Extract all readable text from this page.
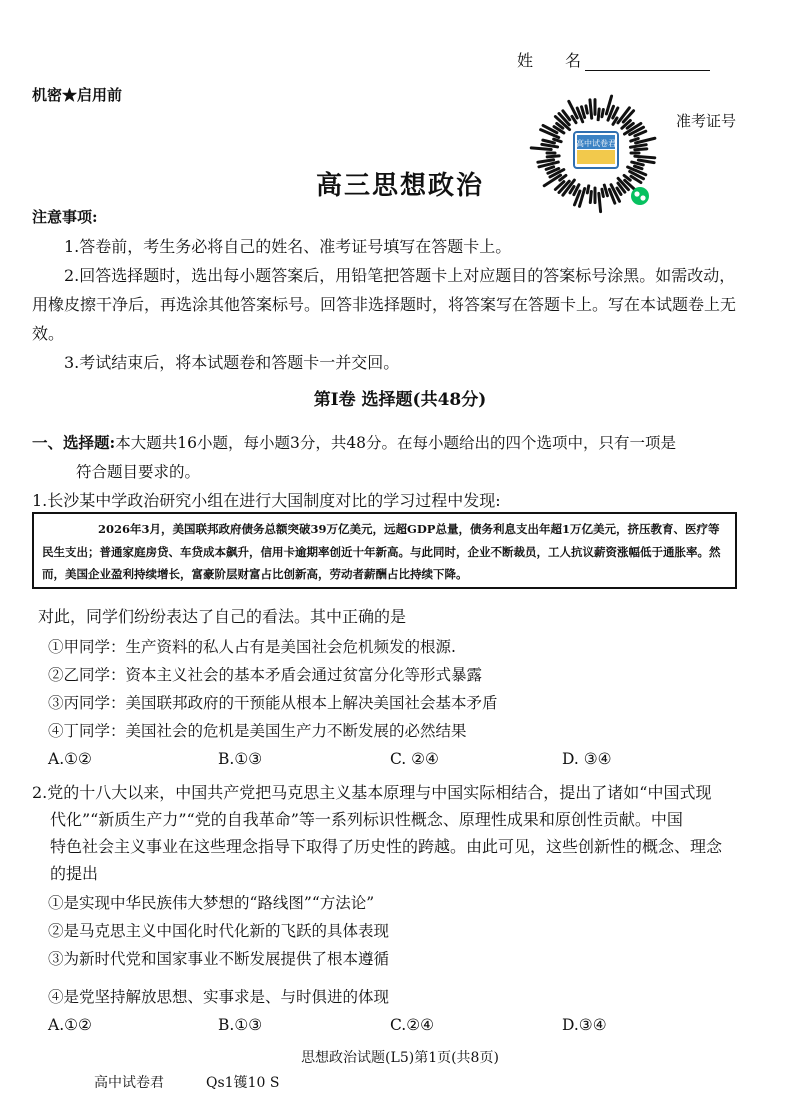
姓　　名
机密★启用前
高中试卷君
准考证号
高三思想政治
注意事项:
1.答卷前，考生务必将自己的姓名、准考证号填写在答题卡上。
2.回答选择题时，选出每小题答案后，用铅笔把答题卡上对应题目的答案标号涂黑。如需改动，用橡皮擦干净后，再选涂其他答案标号。回答非选择题时，将答案写在答题卡上。写在本试题卷上无效。
3.考试结束后，将本试题卷和答题卡一并交回。
第Ⅰ卷 选择题(共48分)
一、选择题:本大题共16小题，每小题3分，共48分。在每小题给出的四个选项中，只有一项是
符合题目要求的。
1.长沙某中学政治研究小组在进行大国制度对比的学习过程中发现:
2026年3月，美国联邦政府债务总额突破39万亿美元，远超GDP总量，债务利息支出年超1万亿美元，挤压教育、医疗等民生支出；普通家庭房贷、车贷成本飙升，信用卡逾期率创近十年新高。与此同时，企业不断裁员，工人抗议薪资涨幅低于通胀率。然而，美国企业盈利持续增长，富豪阶层财富占比创新高，劳动者薪酬占比持续下降。
对此，同学们纷纷表达了自己的看法。其中正确的是
①甲同学：生产资料的私人占有是美国社会危机频发的根源.
②乙同学：资本主义社会的基本矛盾会通过贫富分化等形式暴露
③丙同学：美国联邦政府的干预能从根本上解决美国社会基本矛盾
④丁同学：美国社会的危机是美国生产力不断发展的必然结果
A.①②	B.①③	C. ②④	D. ③④
2.党的十八大以来，中国共产党把马克思主义基本原理与中国实际相结合，提出了诸如“中国式现
代化”“新质生产力”“党的自我革命”等一系列标识性概念、原理性成果和原创性贡献。中国
特色社会主义事业在这些理念指导下取得了历史性的跨越。由此可见，这些创新性的概念、理念
的提出
①是实现中华民族伟大梦想的“路线图”“方法论”
②是马克思主义中国化时代化新的飞跃的具体表现
③为新时代党和国家事业不断发展提供了根本遵循
④是党坚持解放思想、实事求是、与时俱进的体现
A.①②	B.①③	C.②④	D.③④
思想政治试题(L5)第1页(共8页)
高中试卷君	Qs1镬10 S
